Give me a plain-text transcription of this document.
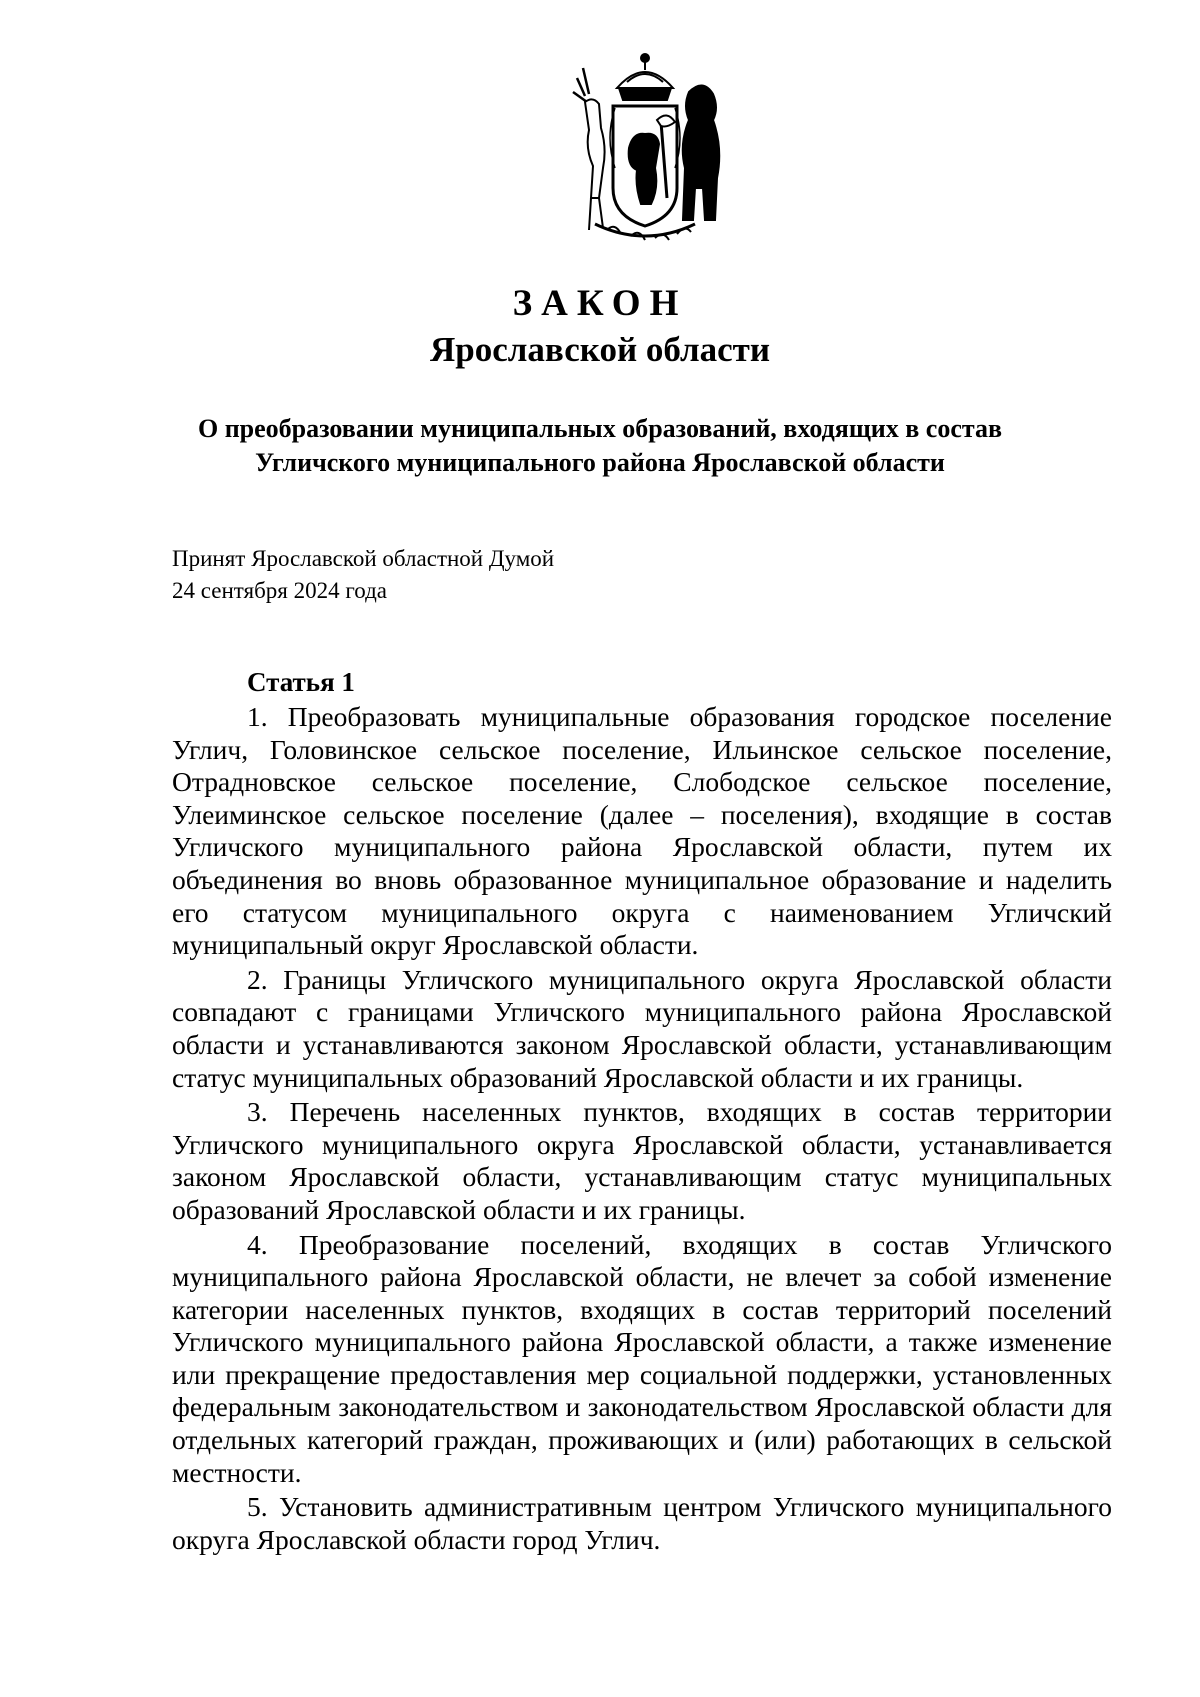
ЗАКОН
Ярославской области
О преобразовании муниципальных образований, входящих в состав
Угличского муниципального района Ярославской области
Принят Ярославской областной Думой
24 сентября 2024 года
Статья 1

1. Преобразовать муниципальные образования городское поселение Углич, Головинское сельское поселение, Ильинское сельское поселение, Отрадновское сельское поселение, Слободское сельское поселение, Улеиминское сельское поселение (далее – поселения), входящие в состав Угличского муниципального района Ярославской области, путем их объединения во вновь образованное муниципальное образование и наделить его статусом муниципального округа с наименованием Угличский муниципальный округ Ярославской области.

2. Границы Угличского муниципального округа Ярославской области совпадают с границами Угличского муниципального района Ярославской области и устанавливаются законом Ярославской области, устанавливающим статус муниципальных образований Ярославской области и их границы.

3. Перечень населенных пунктов, входящих в состав территории Угличского муниципального округа Ярославской области, устанавливается законом Ярославской области, устанавливающим статус муниципальных образований Ярославской области и их границы.

4. Преобразование поселений, входящих в состав Угличского муниципального района Ярославской области, не влечет за собой изменение категории населенных пунктов, входящих в состав территорий поселений Угличского муниципального района Ярославской области, а также изменение или прекращение предоставления мер социальной поддержки, установленных федеральным законодательством и законодательством Ярославской области для отдельных категорий граждан, проживающих и (или) работающих в сельской местности.

5. Установить административным центром Угличского муниципального округа Ярославской области город Углич.
